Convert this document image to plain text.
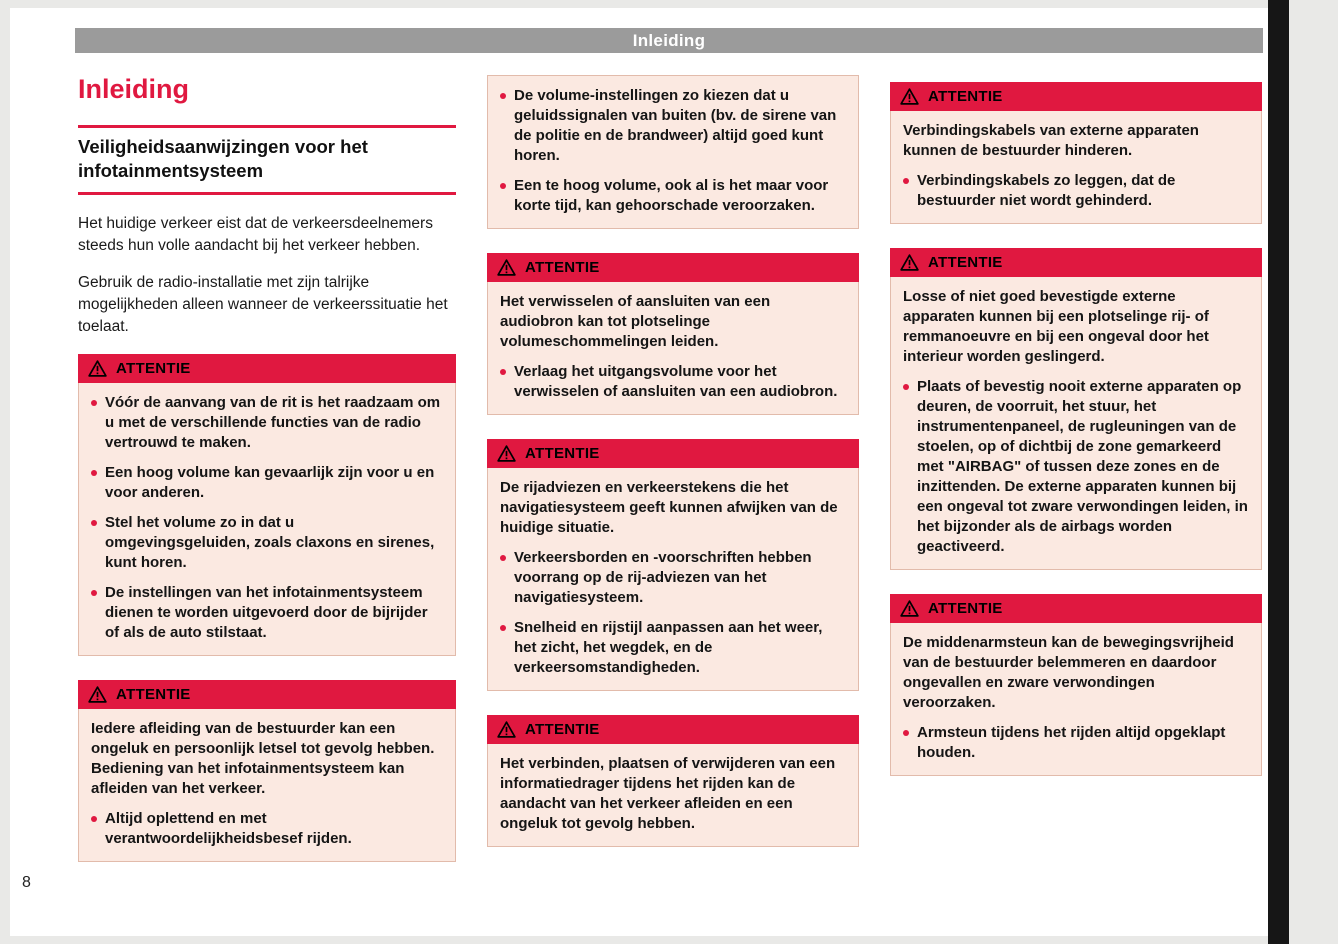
Inleiding
Inleiding
Veiligheidsaanwijzingen voor het infotainmentsysteem

Het huidige verkeer eist dat de verkeersdeelnemers steeds hun volle aandacht bij het verkeer hebben.

Gebruik de radio-installatie met zijn talrijke mogelijkheden alleen wanneer de verkeerssituatie het toelaat.

ATTENTIE
Vóór de aanvang van de rit is het raadzaam om u met de verschillende functies van de radio vertrouwd te maken.
Een hoog volume kan gevaarlijk zijn voor u en voor anderen.
Stel het volume zo in dat u omgevingsgeluiden, zoals claxons en sirenes, kunt horen.
De instellingen van het infotainmentsysteem dienen te worden uitgevoerd door de bijrijder of als de auto stilstaat.
ATTENTIE
Iedere afleiding van de bestuurder kan een ongeluk en persoonlijk letsel tot gevolg hebben. Bediening van het infotainmentsysteem kan afleiden van het verkeer.
Altijd oplettend en met verantwoordelijkheidsbesef rijden.
De volume-instellingen zo kiezen dat u geluidssignalen van buiten (bv. de sirene van de politie en de brandweer) altijd goed kunt horen.
Een te hoog volume, ook al is het maar voor korte tijd, kan gehoorschade veroorzaken.
ATTENTIE
Het verwisselen of aansluiten van een audiobron kan tot plotselinge volumeschommelingen leiden.
Verlaag het uitgangsvolume voor het verwisselen of aansluiten van een audiobron.
ATTENTIE
De rijadviezen en verkeerstekens die het navigatiesysteem geeft kunnen afwijken van de huidige situatie.
Verkeersborden en -voorschriften hebben voorrang op de rij-adviezen van het navigatiesysteem.
Snelheid en rijstijl aanpassen aan het weer, het zicht, het wegdek, en de verkeersomstandigheden.
ATTENTIE
Het verbinden, plaatsen of verwijderen van een informatiedrager tijdens het rijden kan de aandacht van het verkeer afleiden en een ongeluk tot gevolg hebben.
ATTENTIE
Verbindingskabels van externe apparaten kunnen de bestuurder hinderen.
Verbindingskabels zo leggen, dat de bestuurder niet wordt gehinderd.
ATTENTIE
Losse of niet goed bevestigde externe apparaten kunnen bij een plotselinge rij- of remmanoeuvre en bij een ongeval door het interieur worden geslingerd.
Plaats of bevestig nooit externe apparaten op deuren, de voorruit, het stuur, het instrumentenpaneel, de rugleuningen van de stoelen, op of dichtbij de zone gemarkeerd met "AIRBAG" of tussen deze zones en de inzittenden. De externe apparaten kunnen bij een ongeval tot zware verwondingen leiden, in het bijzonder als de airbags worden geactiveerd.
ATTENTIE
De middenarmsteun kan de bewegingsvrijheid van de bestuurder belemmeren en daardoor ongevallen en zware verwondingen veroorzaken.
Armsteun tijdens het rijden altijd opgeklapt houden.
8
